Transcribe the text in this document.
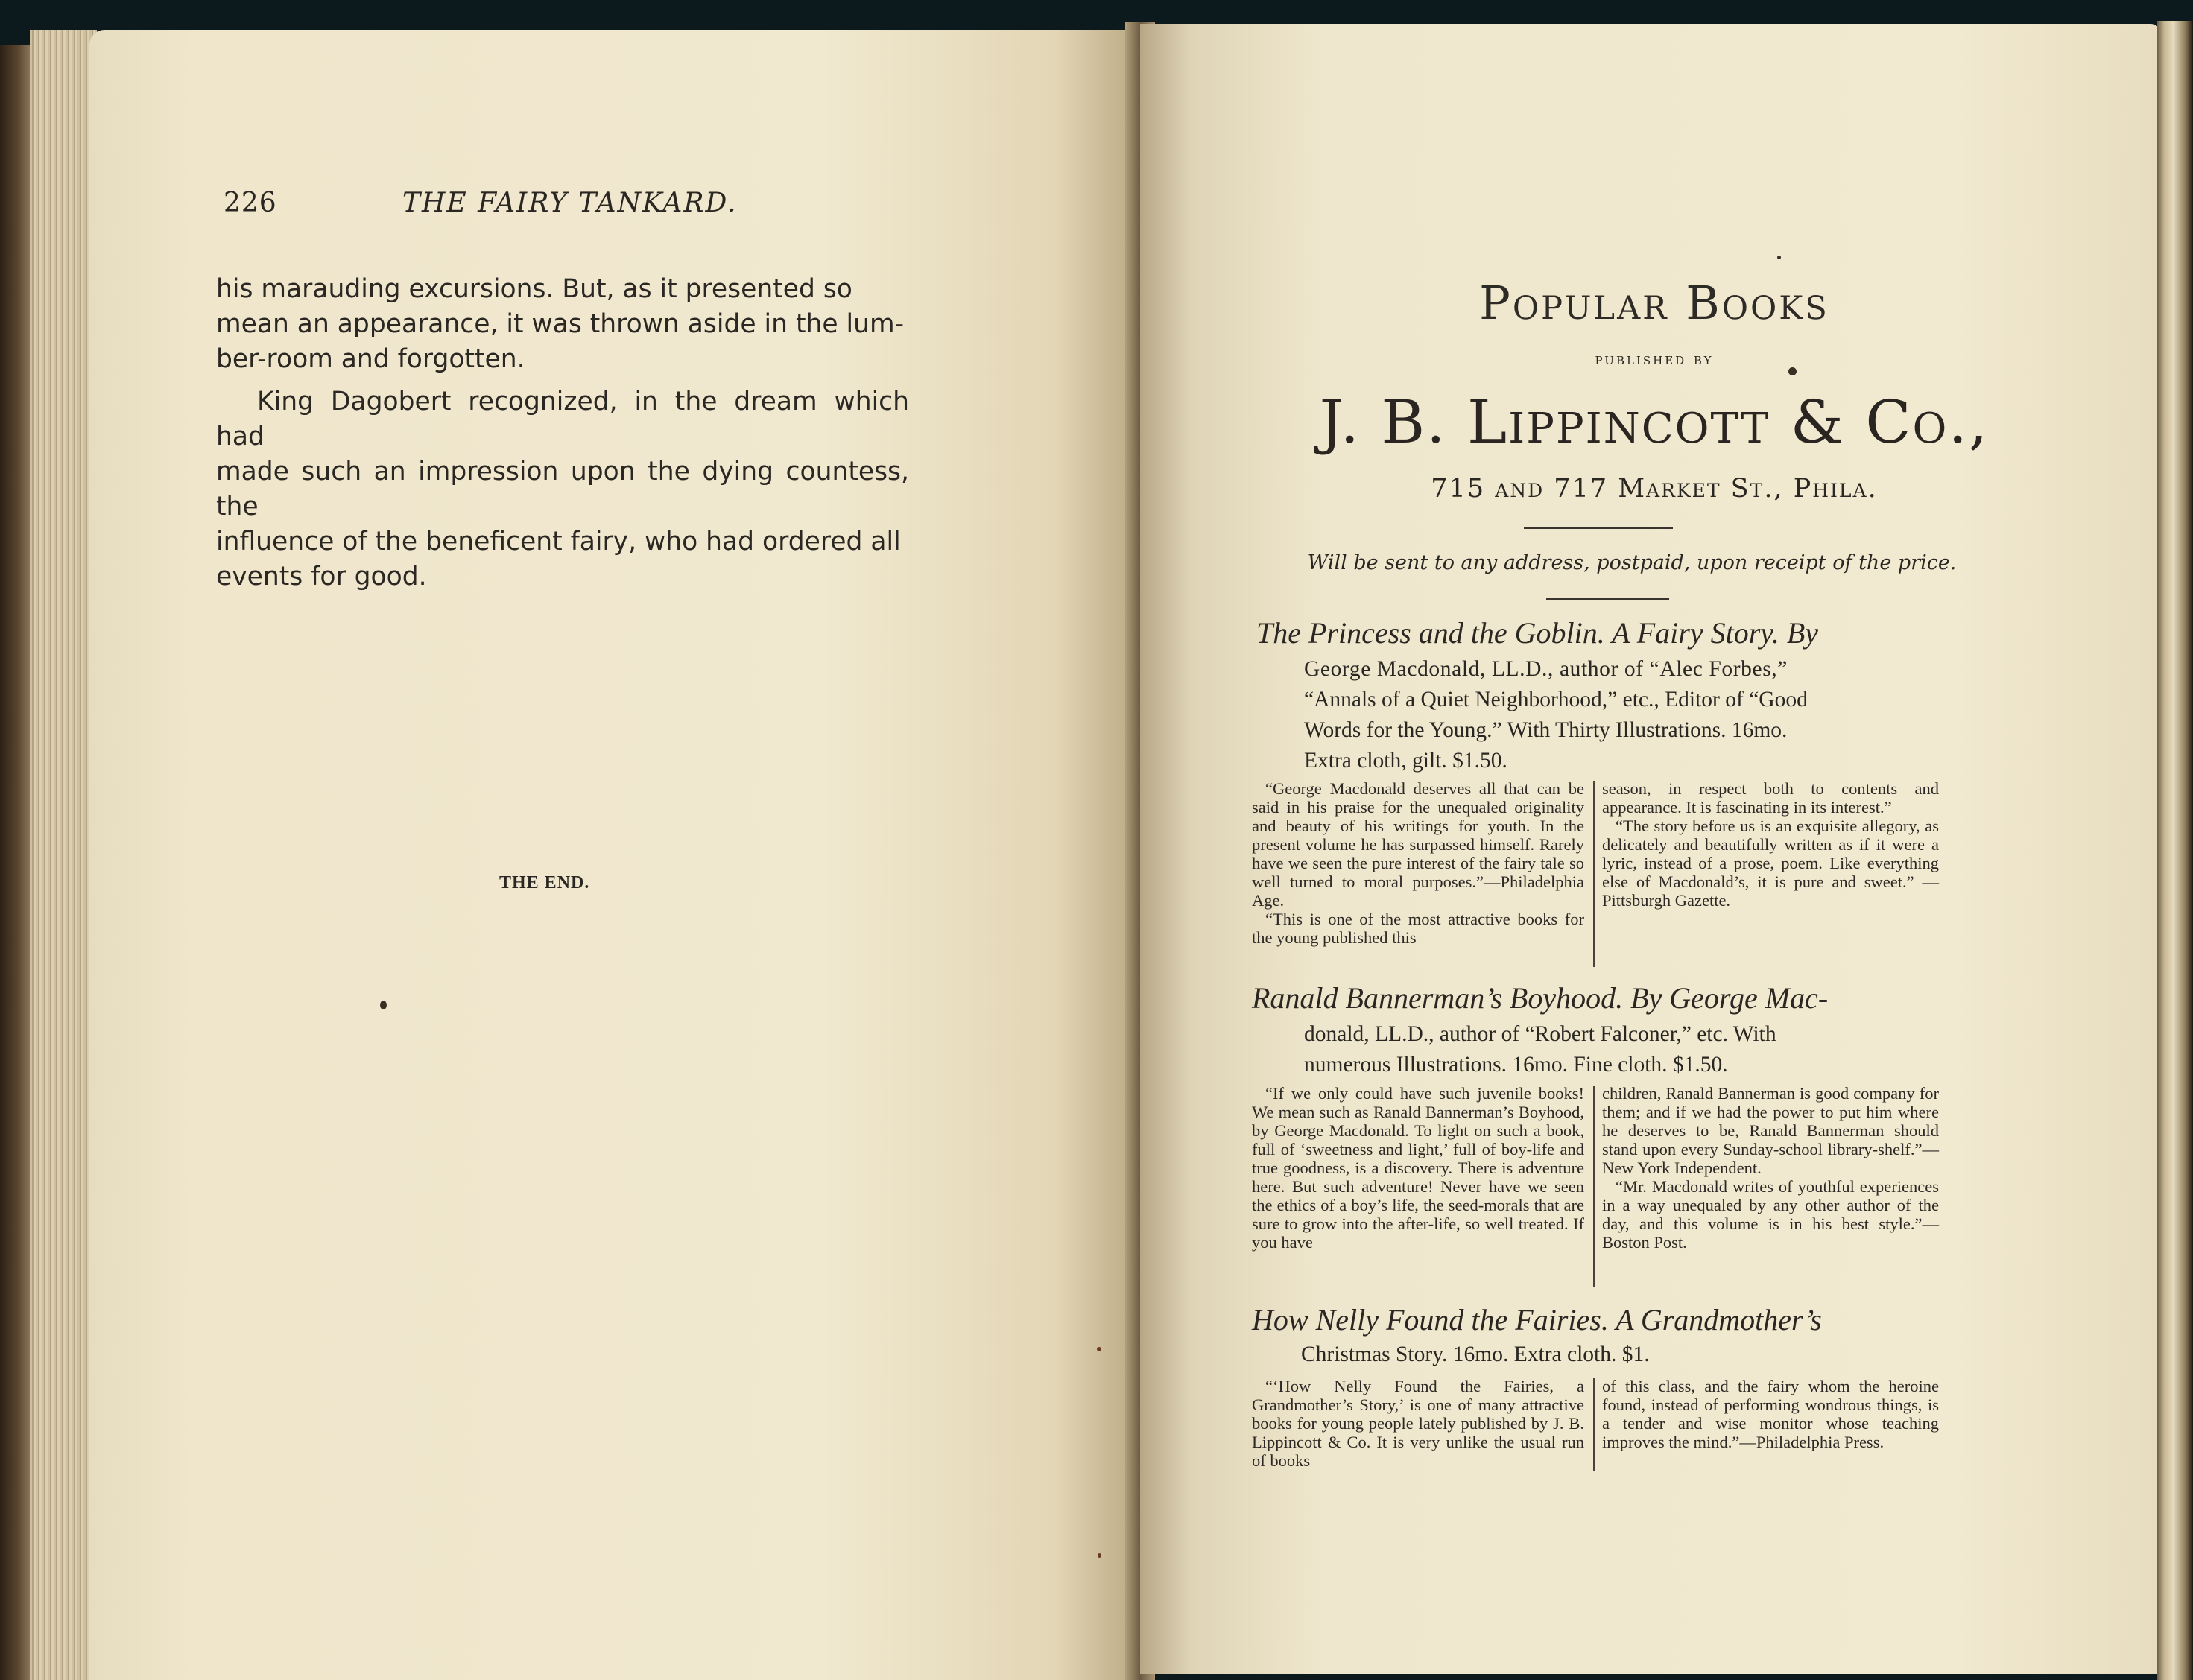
226	THE FAIRY TANKARD.

his marauding excursions. But, as it presented so
mean an appearance, it was thrown aside in the lum-
ber-room and forgotten.

King Dagobert recognized, in the dream which had
made such an impression upon the dying countess, the
influence of the beneficent fairy, who had ordered all
events for good.

THE END.
Popular Books
published by
J. B. Lippincott & Co.,
715 and 717 Market St., Phila.
Will be sent to any address, postpaid, upon receipt of the price.
The Princess and the Goblin. A Fairy Story. By
George Macdonald, LL.D., author of “Alec Forbes,”
“Annals of a Quiet Neighborhood,” etc., Editor of “Good
Words for the Young.” With Thirty Illustrations. 16mo.
Extra cloth, gilt. $1.50.

“George Macdonald deserves all that can be said in his praise for the unequaled originality and beauty of his writings for youth. In the present volume he has surpassed himself. Rarely have we seen the pure interest of the fairy tale so well turned to moral purposes.”—Philadelphia Age.

“This is one of the most attractive books for the young published this

season, in respect both to contents and appearance. It is fascinating in its interest.”

“The story before us is an exquisite allegory, as delicately and beautifully written as if it were a lyric, instead of a prose, poem. Like everything else of Macdonald’s, it is pure and sweet.” —Pittsburgh Gazette.

Ranald Bannerman’s Boyhood. By George Mac-
donald, LL.D., author of “Robert Falconer,” etc. With
numerous Illustrations. 16mo. Fine cloth. $1.50.

“If we only could have such juvenile books! We mean such as Ranald Bannerman’s Boyhood, by George Macdonald. To light on such a book, full of ‘sweetness and light,’ full of boy-life and true goodness, is a discovery. There is adventure here. But such adventure! Never have we seen the ethics of a boy’s life, the seed-morals that are sure to grow into the after-life, so well treated. If you have

children, Ranald Bannerman is good company for them; and if we had the power to put him where he deserves to be, Ranald Bannerman should stand upon every Sunday-school library-shelf.”—New York Independent.

“Mr. Macdonald writes of youthful experiences in a way unequaled by any other author of the day, and this volume is in his best style.”—Boston Post.

How Nelly Found the Fairies. A Grandmother’s
Christmas Story. 16mo. Extra cloth. $1.

“‘How Nelly Found the Fairies, a Grandmother’s Story,’ is one of many attractive books for young people lately published by J. B. Lippincott & Co. It is very unlike the usual run of books

of this class, and the fairy whom the heroine found, instead of performing wondrous things, is a tender and wise monitor whose teaching improves the mind.”—Philadelphia Press.
